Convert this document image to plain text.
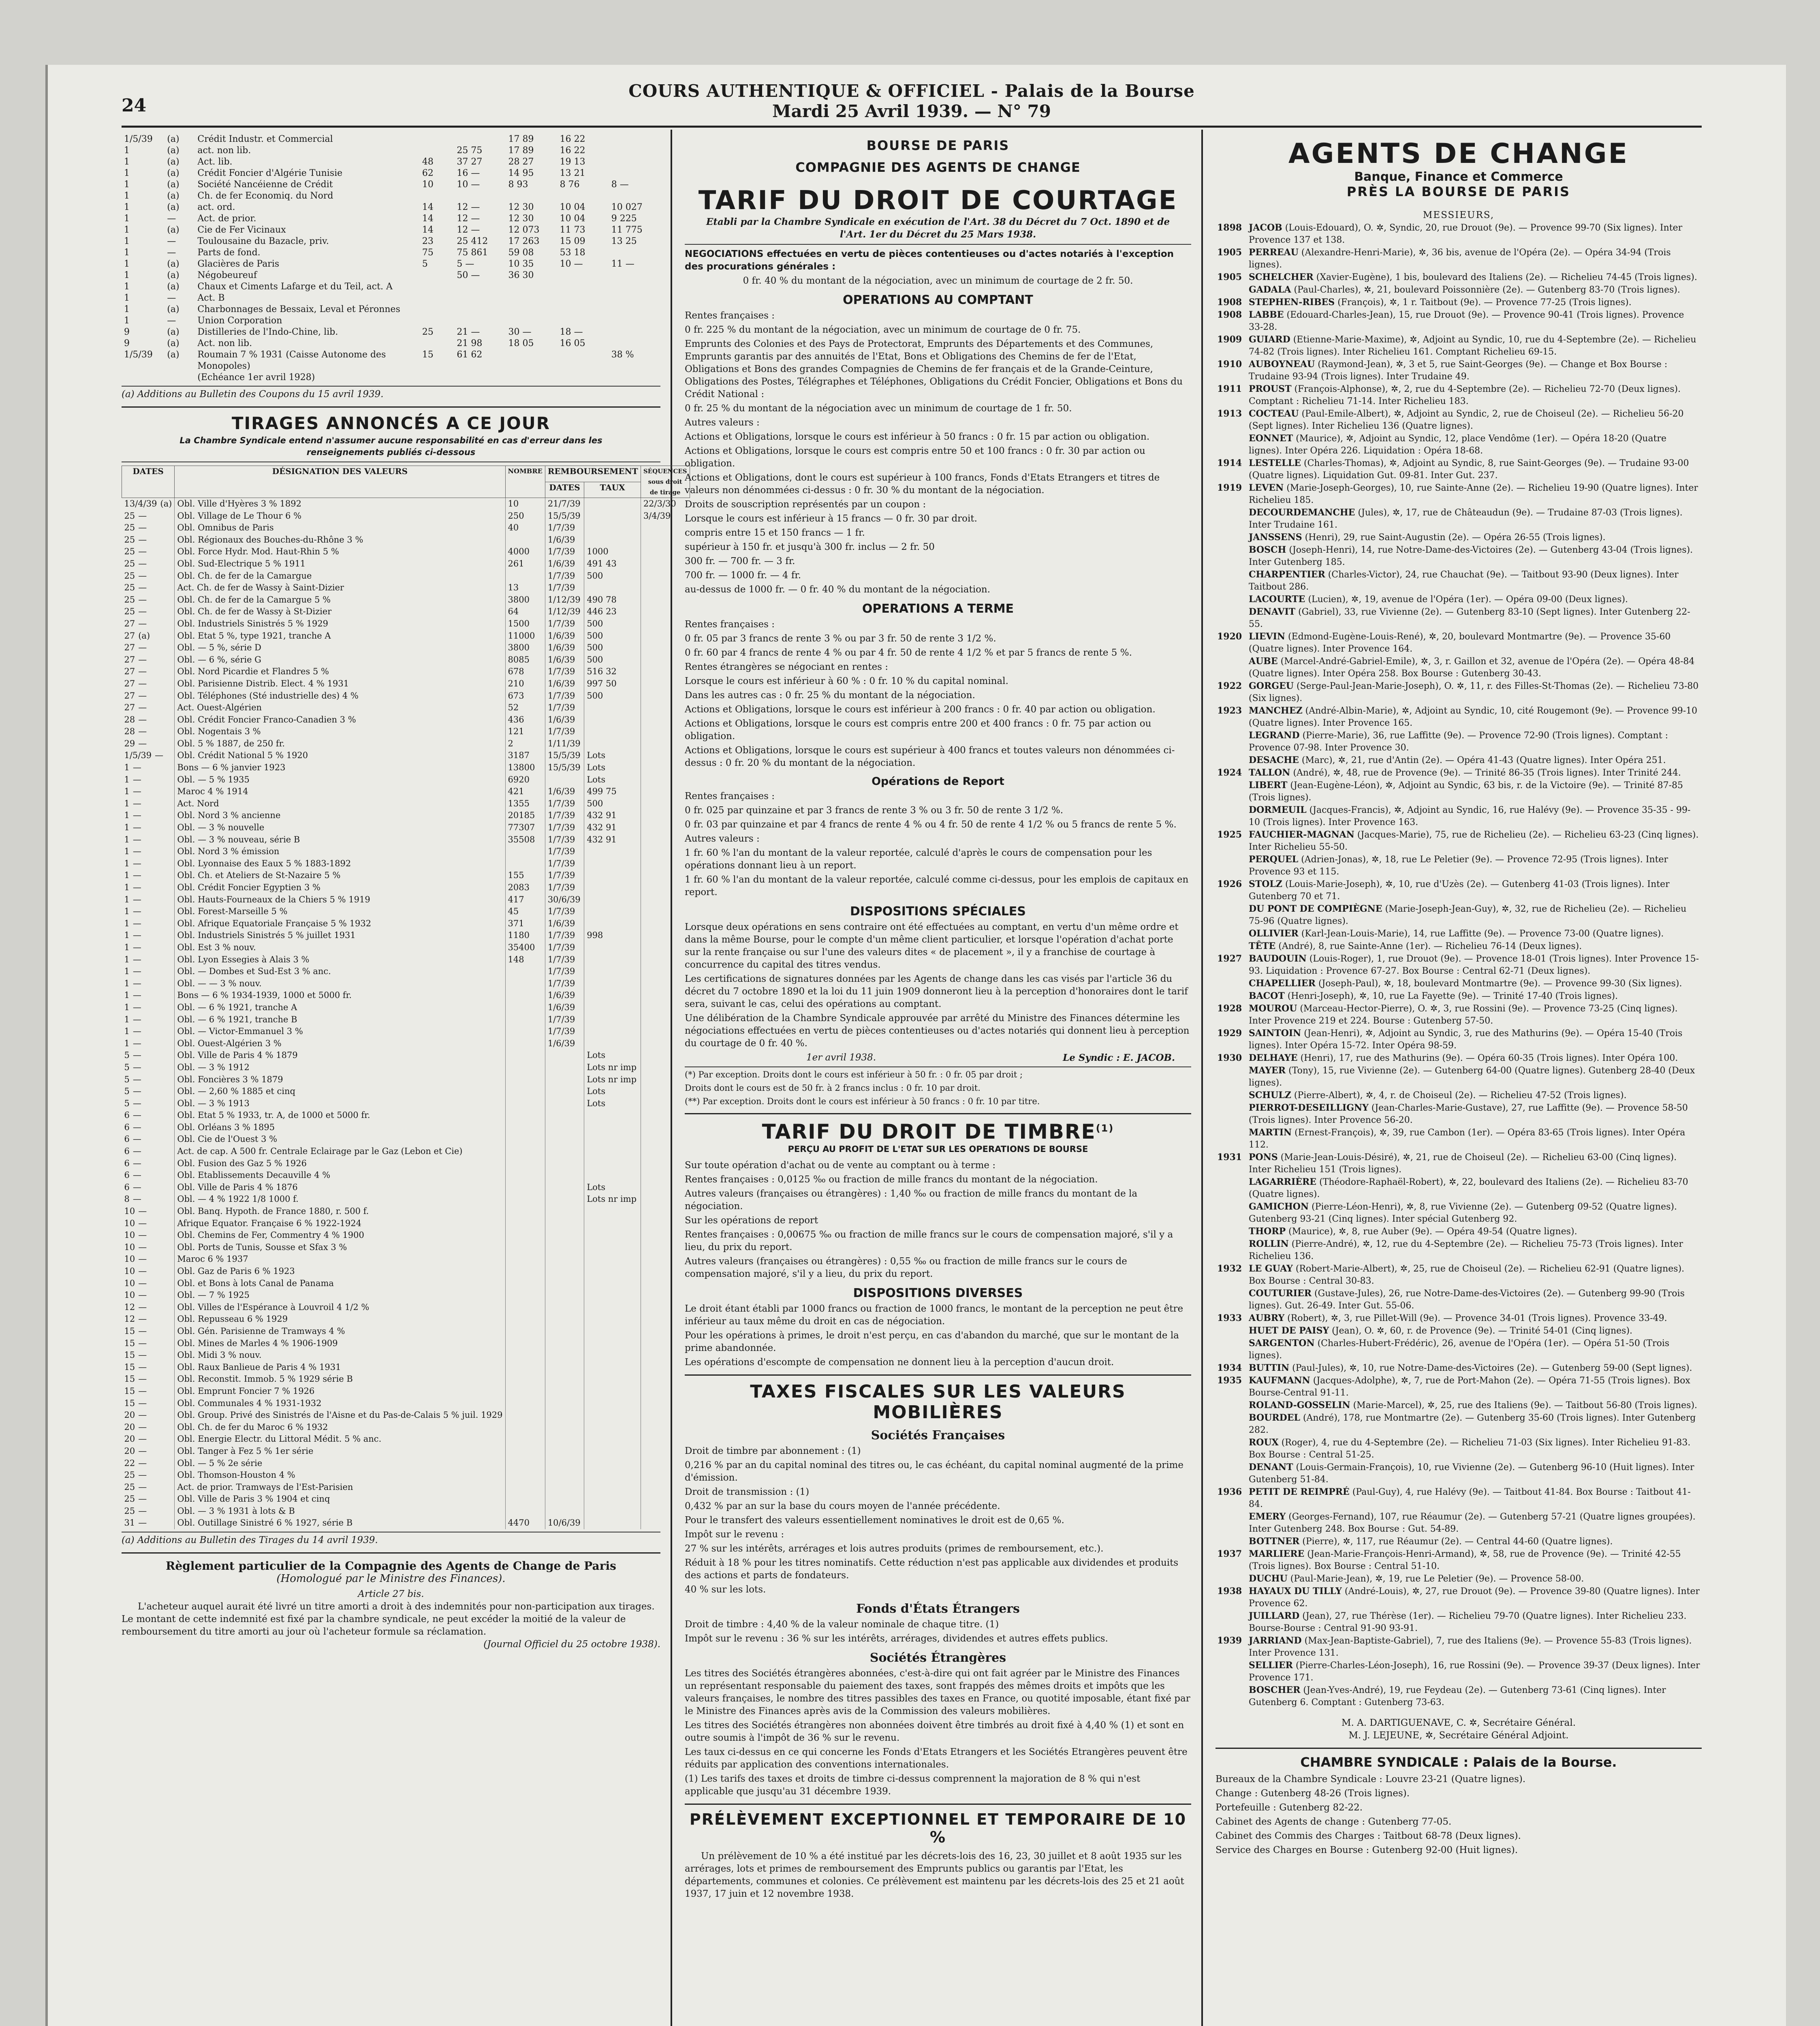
24
COURS AUTHENTIQUE & OFFICIEL - Palais de la Bourse
Mardi 25 Avril 1939. — N° 79
1/5/39	(a)	Crédit Industr. et Commercial			17 89	16 22	
1	(a)	act. non lib.		25 75	17 89	16 22	
1	(a)	Act. lib.	48	37 27	28 27	19 13	
1	(a)	Crédit Foncier d'Algérie Tunisie	62	16 —	14 95	13 21	
1	(a)	Société Nancéienne de Crédit	10	10 —	8 93	8 76	8 —
1	(a)	Ch. de fer Economiq. du Nord					
1	(a)	act. ord.	14	12 —	12 30	10 04	10 027
1	—	Act. de prior.	14	12 —	12 30	10 04	9 225
1	(a)	Cie de Fer Vicinaux	14	12 —	12 073	11 73	11 775
1	—	Toulousaine du Bazacle, priv.	23	25 412	17 263	15 09	13 25
1	—	Parts de fond.	75	75 861	59 08	53 18	
1	(a)	Glacières de Paris	5	5 —	10 35	10 —	11 —
1	(a)	Négobeureuf		50 —	36 30		
1	(a)	Chaux et Ciments Lafarge et du Teil, act. A					
1	—	Act. B					
1	(a)	Charbonnages de Bessaix, Leval et Péronnes					
1	—	Union Corporation					
9	(a)	Distilleries de l'Indo-Chine, lib.	25	21 —	30 —	18 —	
9	(a)	Act. non lib.		21 98	18 05	16 05	
1/5/39	(a)	Roumain 7 % 1931 (Caisse Autonome des Monopoles)	15	61 62			38 %
		(Echéance 1er avril 1928)					
(a) Additions au Bulletin des Coupons du 15 avril 1939.
TIRAGES ANNONCÉS A CE JOUR
La Chambre Syndicale entend n'assumer aucune responsabilité en cas d'erreur dans les renseignements publiés ci-dessous
DATES	DÉSIGNATION DES VALEURS	NOMBRE	REMBOURSEMENT		SÉQUENCES sous droit de tirage
			DATES	TAUX	
13/4/39 (a)	Obl. Ville d'Hyères 3 % 1892	10	21/7/39		22/3/30
25 —	Obl. Village de Le Thour 6 %	250	15/5/39		3/4/39
25 —	Obl. Omnibus de Paris	40	1/7/39		
25 —	Obl. Régionaux des Bouches-du-Rhône 3 %		1/6/39		
25 —	Obl. Force Hydr. Mod. Haut-Rhin 5 %	4000	1/7/39	1000	
25 —	Obl. Sud-Electrique 5 % 1911	261	1/6/39	491 43	
25 —	Obl. Ch. de fer de la Camargue		1/7/39	500	
25 —	Act. Ch. de fer de Wassy à Saint-Dizier	13	1/7/39		
25 —	Obl. Ch. de fer de la Camargue 5 %	3800	1/12/39	490 78	
25 —	Obl. Ch. de fer de Wassy à St-Dizier	64	1/12/39	446 23	
27 —	Obl. Industriels Sinistrés 5 % 1929	1500	1/7/39	500	
27 (a)	Obl. Etat 5 %, type 1921, tranche A	11000	1/6/39	500	
27 —	Obl. — 5 %, série D	3800	1/6/39	500	
27 —	Obl. — 6 %, série G	8085	1/6/39	500	
27 —	Obl. Nord Picardie et Flandres 5 %	678	1/7/39	516 32	
27 —	Obl. Parisienne Distrib. Elect. 4 % 1931	210	1/6/39	997 50	
27 —	Obl. Téléphones (Sté industrielle des) 4 %	673	1/7/39	500	
27 —	Act. Ouest-Algérien	52	1/7/39		
28 —	Obl. Crédit Foncier Franco-Canadien 3 %	436	1/6/39		
28 —	Obl. Nogentais 3 %	121	1/7/39		
29 —	Obl. 5 % 1887, de 250 fr.	2	1/11/39		
1/5/39 —	Obl. Crédit National 5 % 1920	3187	15/5/39	Lots	
1 —	Bons — 6 % janvier 1923	13800	15/5/39	Lots	
1 —	Obl. — 5 % 1935	6920		Lots	
1 —	Maroc 4 % 1914	421	1/6/39	499 75	
1 —	Act. Nord	1355	1/7/39	500	
1 —	Obl. Nord 3 % ancienne	20185	1/7/39	432 91	
1 —	Obl. — 3 % nouvelle	77307	1/7/39	432 91	
1 —	Obl. — 3 % nouveau, série B	35508	1/7/39	432 91	
1 —	Obl. Nord 3 % émission		1/7/39		
1 —	Obl. Lyonnaise des Eaux 5 % 1883-1892		1/7/39		
1 —	Obl. Ch. et Ateliers de St-Nazaire 5 %	155	1/7/39		
1 —	Obl. Crédit Foncier Egyptien 3 %	2083	1/7/39		
1 —	Obl. Hauts-Fourneaux de la Chiers 5 % 1919	417	30/6/39		
1 —	Obl. Forest-Marseille 5 %	45	1/7/39		
1 —	Obl. Afrique Equatoriale Française 5 % 1932	371	1/6/39		
1 —	Obl. Industriels Sinistrés 5 % juillet 1931	1180	1/7/39	998	
1 —	Obl. Est 3 % nouv.	35400	1/7/39		
1 —	Obl. Lyon Essegies à Alais 3 %	148	1/7/39		
1 —	Obl. — Dombes et Sud-Est 3 % anc.		1/7/39		
1 —	Obl. — — 3 % nouv.		1/7/39		
1 —	Bons — 6 % 1934-1939, 1000 et 5000 fr.		1/6/39		
1 —	Obl. — 6 % 1921, tranche A		1/6/39		
1 —	Obl. — 6 % 1921, tranche B		1/7/39		
1 —	Obl. — Victor-Emmanuel 3 %		1/7/39		
1 —	Obl. Ouest-Algérien 3 %		1/6/39		
5 —	Obl. Ville de Paris 4 % 1879			Lots	
5 —	Obl. — 3 % 1912			Lots nr imp	
5 —	Obl. Foncières 3 % 1879			Lots nr imp	
5 —	Obl. — 2,60 % 1885 et cinq			Lots	
5 —	Obl. — 3 % 1913			Lots	
6 —	Obl. Etat 5 % 1933, tr. A, de 1000 et 5000 fr.				
6 —	Obl. Orléans 3 % 1895				
6 —	Obl. Cie de l'Ouest 3 %				
6 —	Act. de cap. A 500 fr. Centrale Eclairage par le Gaz (Lebon et Cie)				
6 —	Obl. Fusion des Gaz 5 % 1926				
6 —	Obl. Etablissements Decauville 4 %				
6 —	Obl. Ville de Paris 4 % 1876			Lots	
8 —	Obl. — 4 % 1922 1/8 1000 f.			Lots nr imp	
10 —	Obl. Banq. Hypoth. de France 1880, r. 500 f.				
10 —	Afrique Equator. Française 6 % 1922-1924				
10 —	Obl. Chemins de Fer, Commentry 4 % 1900				
10 —	Obl. Ports de Tunis, Sousse et Sfax 3 %				
10 —	Maroc 6 % 1937				
10 —	Obl. Gaz de Paris 6 % 1923				
10 —	Obl. et Bons à lots Canal de Panama				
10 —	Obl. — 7 % 1925				
12 —	Obl. Villes de l'Espérance à Louvroil 4 1/2 %				
12 —	Obl. Repusseau 6 % 1929				
15 —	Obl. Gén. Parisienne de Tramways 4 %				
15 —	Obl. Mines de Marles 4 % 1906-1909				
15 —	Obl. Midi 3 % nouv.				
15 —	Obl. Raux Banlieue de Paris 4 % 1931				
15 —	Obl. Reconstit. Immob. 5 % 1929 série B				
15 —	Obl. Emprunt Foncier 7 % 1926				
15 —	Obl. Communales 4 % 1931-1932				
20 —	Obl. Group. Privé des Sinistrés de l'Aisne et du Pas-de-Calais 5 % juil. 1929				
20 —	Obl. Ch. de fer du Maroc 6 % 1932				
20 —	Obl. Energie Electr. du Littoral Médit. 5 % anc.				
20 —	Obl. Tanger à Fez 5 % 1er série				
22 —	Obl. — 5 % 2e série				
25 —	Obl. Thomson-Houston 4 %				
25 —	Act. de prior. Tramways de l'Est-Parisien				
25 —	Obl. Ville de Paris 3 % 1904 et cinq				
25 —	Obl. — 3 % 1931 à lots & B				
31 —	Obl. Outillage Sinistré 6 % 1927, série B	4470	10/6/39		
(a) Additions au Bulletin des Tirages du 14 avril 1939.
Règlement particulier de la Compagnie des Agents de Change de Paris
(Homologué par le Ministre des Finances).
Article 27 bis.
L'acheteur auquel aurait été livré un titre amorti a droit à des indemnités pour non-participation aux tirages. Le montant de cette indemnité est fixé par la chambre syndicale, ne peut excéder la moitié de la valeur de remboursement du titre amorti au jour où l'acheteur formule sa réclamation.
(Journal Officiel du 25 octobre 1938).
BOURSE DE PARIS
COMPAGNIE DES AGENTS DE CHANGE
TARIF DU DROIT DE COURTAGE
Etabli par la Chambre Syndicale en exécution de l'Art. 38 du Décret du 7 Oct. 1890 et de l'Art. 1er du Décret du 25 Mars 1938.

NEGOCIATIONS effectuées en vertu de pièces contentieuses ou d'actes notariés à l'exception des procurations générales :

0 fr. 40 % du montant de la négociation, avec un minimum de courtage de 2 fr. 50.

OPERATIONS AU COMPTANT

Rentes françaises :

0 fr. 225 % du montant de la négociation, avec un minimum de courtage de 0 fr. 75.

Emprunts des Colonies et des Pays de Protectorat, Emprunts des Départements et des Communes, Emprunts garantis par des annuités de l'Etat, Bons et Obligations des Chemins de fer de l'Etat, Obligations et Bons des grandes Compagnies de Chemins de fer français et de la Grande-Ceinture, Obligations des Postes, Télégraphes et Téléphones, Obligations du Crédit Foncier, Obligations et Bons du Crédit National :

0 fr. 25 % du montant de la négociation avec un minimum de courtage de 1 fr. 50.

Autres valeurs :

Actions et Obligations, lorsque le cours est inférieur à 50 francs : 0 fr. 15 par action ou obligation.

Actions et Obligations, lorsque le cours est compris entre 50 et 100 francs : 0 fr. 30 par action ou obligation.

Actions et Obligations, dont le cours est supérieur à 100 francs, Fonds d'Etats Etrangers et titres de valeurs non dénommées ci-dessus : 0 fr. 30 % du montant de la négociation.

Droits de souscription représentés par un coupon :

Lorsque le cours est inférieur à 15 francs — 0 fr. 30 par droit.

compris entre 15 et 150 francs — 1 fr.

supérieur à 150 fr. et jusqu'à 300 fr. inclus — 2 fr. 50

300 fr. — 700 fr. — 3 fr.

700 fr. — 1000 fr. — 4 fr.

au-dessus de 1000 fr. — 0 fr. 40 % du montant de la négociation.

OPERATIONS A TERME

Rentes françaises :

0 fr. 05 par 3 francs de rente 3 % ou par 3 fr. 50 de rente 3 1/2 %.

0 fr. 60 par 4 francs de rente 4 % ou par 4 fr. 50 de rente 4 1/2 % et par 5 francs de rente 5 %.

Rentes étrangères se négociant en rentes :

Lorsque le cours est inférieur à 60 % : 0 fr. 10 % du capital nominal.

Dans les autres cas : 0 fr. 25 % du montant de la négociation.

Actions et Obligations, lorsque le cours est inférieur à 200 francs : 0 fr. 40 par action ou obligation.

Actions et Obligations, lorsque le cours est compris entre 200 et 400 francs : 0 fr. 75 par action ou obligation.

Actions et Obligations, lorsque le cours est supérieur à 400 francs et toutes valeurs non dénommées ci-dessus : 0 fr. 20 % du montant de la négociation.

Opérations de Report

Rentes françaises :

0 fr. 025 par quinzaine et par 3 francs de rente 3 % ou 3 fr. 50 de rente 3 1/2 %.

0 fr. 03 par quinzaine et par 4 francs de rente 4 % ou 4 fr. 50 de rente 4 1/2 % ou 5 francs de rente 5 %.

Autres valeurs :

1 fr. 60 % l'an du montant de la valeur reportée, calculé d'après le cours de compensation pour les opérations donnant lieu à un report.

1 fr. 60 % l'an du montant de la valeur reportée, calculé comme ci-dessus, pour les emplois de capitaux en report.

DISPOSITIONS SPÉCIALES

Lorsque deux opérations en sens contraire ont été effectuées au comptant, en vertu d'un même ordre et dans la même Bourse, pour le compte d'un même client particulier, et lorsque l'opération d'achat porte sur la rente française ou sur l'une des valeurs dites « de placement », il y a franchise de courtage à concurrence du capital des titres vendus.

Les certifications de signatures données par les Agents de change dans les cas visés par l'article 36 du décret du 7 octobre 1890 et la loi du 11 juin 1909 donneront lieu à la perception d'honoraires dont le tarif sera, suivant le cas, celui des opérations au comptant.

Une délibération de la Chambre Syndicale approuvée par arrêté du Ministre des Finances détermine les négociations effectuées en vertu de pièces contentieuses ou d'actes notariés qui donnent lieu à perception du courtage de 0 fr. 40 %.

1er avril 1938.	Le Syndic : E. JACOB.

(*) Par exception. Droits dont le cours est inférieur à 50 fr. : 0 fr. 05 par droit ;

Droits dont le cours est de 50 fr. à 2 francs inclus : 0 fr. 10 par droit.

(**) Par exception. Droits dont le cours est inférieur à 50 francs : 0 fr. 10 par titre.

TARIF DU DROIT DE TIMBRE$^{(1)}$
PERÇU AU PROFIT DE L'ETAT SUR LES OPERATIONS DE BOURSE

Sur toute opération d'achat ou de vente au comptant ou à terme :

Rentes françaises : 0,0125 ‰ ou fraction de mille francs du montant de la négociation.

Autres valeurs (françaises ou étrangères) : 1,40 ‰ ou fraction de mille francs du montant de la négociation.

Sur les opérations de report

Rentes françaises : 0,00675 ‰ ou fraction de mille francs sur le cours de compensation majoré, s'il y a lieu, du prix du report.

Autres valeurs (françaises ou étrangères) : 0,55 ‰ ou fraction de mille francs sur le cours de compensation majoré, s'il y a lieu, du prix du report.

DISPOSITIONS DIVERSES

Le droit étant établi par 1000 francs ou fraction de 1000 francs, le montant de la perception ne peut être inférieur au taux même du droit en cas de négociation.

Pour les opérations à primes, le droit n'est perçu, en cas d'abandon du marché, que sur le montant de la prime abandonnée.

Les opérations d'escompte de compensation ne donnent lieu à la perception d'aucun droit.

TAXES FISCALES SUR LES VALEURS MOBILIÈRES
Sociétés Françaises

Droit de timbre par abonnement : (1)

0,216 % par an du capital nominal des titres ou, le cas échéant, du capital nominal augmenté de la prime d'émission.

Droit de transmission : (1)

0,432 % par an sur la base du cours moyen de l'année précédente.

Pour le transfert des valeurs essentiellement nominatives le droit est de 0,65 %.

Impôt sur le revenu :

27 % sur les intérêts, arrérages et lois autres produits (primes de remboursement, etc.).

Réduit à 18 % pour les titres nominatifs. Cette réduction n'est pas applicable aux dividendes et produits des actions et parts de fondateurs.

40 % sur les lots.

Fonds d'États Étrangers

Droit de timbre : 4,40 % de la valeur nominale de chaque titre. (1)

Impôt sur le revenu : 36 % sur les intérêts, arrérages, dividendes et autres effets publics.

Sociétés Étrangères

Les titres des Sociétés étrangères abonnées, c'est-à-dire qui ont fait agréer par le Ministre des Finances un représentant responsable du paiement des taxes, sont frappés des mêmes droits et impôts que les valeurs françaises, le nombre des titres passibles des taxes en France, ou quotité imposable, étant fixé par le Ministre des Finances après avis de la Commission des valeurs mobilières.

Les titres des Sociétés étrangères non abonnées doivent être timbrés au droit fixé à 4,40 % (1) et sont en outre soumis à l'impôt de 36 % sur le revenu.

Les taux ci-dessus en ce qui concerne les Fonds d'Etats Etrangers et les Sociétés Etrangères peuvent être réduits par application des conventions internationales.

(1) Les tarifs des taxes et droits de timbre ci-dessus comprennent la majoration de 8 % qui n'est applicable que jusqu'au 31 décembre 1939.

PRÉLÈVEMENT EXCEPTIONNEL ET TEMPORAIRE DE 10 %

Un prélèvement de 10 % a été institué par les décrets-lois des 16, 23, 30 juillet et 8 août 1935 sur les arrérages, lots et primes de remboursement des Emprunts publics ou garantis par l'Etat, les départements, communes et colonies. Ce prélèvement est maintenu par les décrets-lois des 25 et 21 août 1937, 17 juin et 12 novembre 1938.

AGENTS DE CHANGE
Banque, Finance et Commerce
PRÈS LA BOURSE DE PARIS
MESSIEURS,
1898	JACOB (Louis-Edouard), O. ✲, Syndic, 20, rue Drouot (9e). — Provence 99-70 (Six lignes). Inter Provence 137 et 138.
1905	PERREAU (Alexandre-Henri-Marie), ✲, 36 bis, avenue de l'Opéra (2e). — Opéra 34-94 (Trois lignes).
1905	SCHELCHER (Xavier-Eugène), 1 bis, boulevard des Italiens (2e). — Richelieu 74-45 (Trois lignes).
	GADALA (Paul-Charles), ✲, 21, boulevard Poissonnière (2e). — Gutenberg 83-70 (Trois lignes).
1908	STEPHEN-RIBES (François), ✲, 1 r. Taitbout (9e). — Provence 77-25 (Trois lignes).
1908	LABBE (Edouard-Charles-Jean), 15, rue Drouot (9e). — Provence 90-41 (Trois lignes). Provence 33-28.
1909	GUIARD (Etienne-Marie-Maxime), ✲, Adjoint au Syndic, 10, rue du 4-Septembre (2e). — Richelieu 74-82 (Trois lignes). Inter Richelieu 161. Comptant Richelieu 69-15.
1910	AUBOYNEAU (Raymond-Jean), ✲, 3 et 5, rue Saint-Georges (9e). — Change et Box Bourse : Trudaine 93-94 (Trois lignes). Inter Trudaine 49.
1911	PROUST (François-Alphonse), ✲, 2, rue du 4-Septembre (2e). — Richelieu 72-70 (Deux lignes). Comptant : Richelieu 71-14. Inter Richelieu 183.
1913	COCTEAU (Paul-Emile-Albert), ✲, Adjoint au Syndic, 2, rue de Choiseul (2e). — Richelieu 56-20 (Sept lignes). Inter Richelieu 136 (Quatre lignes).
	EONNET (Maurice), ✲, Adjoint au Syndic, 12, place Vendôme (1er). — Opéra 18-20 (Quatre lignes). Inter Opéra 226. Liquidation : Opéra 18-68.
1914	LESTELLE (Charles-Thomas), ✲, Adjoint au Syndic, 8, rue Saint-Georges (9e). — Trudaine 93-00 (Quatre lignes). Liquidation Gut. 09-81. Inter Gut. 237.
1919	LEVEN (Marie-Joseph-Georges), 10, rue Sainte-Anne (2e). — Richelieu 19-90 (Quatre lignes). Inter Richelieu 185.
	DECOURDEMANCHE (Jules), ✲, 17, rue de Châteaudun (9e). — Trudaine 87-03 (Trois lignes). Inter Trudaine 161.
	JANSSENS (Henri), 29, rue Saint-Augustin (2e). — Opéra 26-55 (Trois lignes).
	BOSCH (Joseph-Henri), 14, rue Notre-Dame-des-Victoires (2e). — Gutenberg 43-04 (Trois lignes). Inter Gutenberg 185.
	CHARPENTIER (Charles-Victor), 24, rue Chauchat (9e). — Taitbout 93-90 (Deux lignes). Inter Taitbout 286.
	LACOURTE (Lucien), ✲, 19, avenue de l'Opéra (1er). — Opéra 09-00 (Deux lignes).
	DENAVIT (Gabriel), 33, rue Vivienne (2e). — Gutenberg 83-10 (Sept lignes). Inter Gutenberg 22-55.
1920	LIEVIN (Edmond-Eugène-Louis-René), ✲, 20, boulevard Montmartre (9e). — Provence 35-60 (Quatre lignes). Inter Provence 164.
	AUBE (Marcel-André-Gabriel-Emile), ✲, 3, r. Gaillon et 32, avenue de l'Opéra (2e). — Opéra 48-84 (Quatre lignes). Inter Opéra 258. Box Bourse : Gutenberg 30-43.
1922	GORGEU (Serge-Paul-Jean-Marie-Joseph), O. ✲, 11, r. des Filles-St-Thomas (2e). — Richelieu 73-80 (Six lignes).
1923	MANCHEZ (André-Albin-Marie), ✲, Adjoint au Syndic, 10, cité Rougemont (9e). — Provence 99-10 (Quatre lignes). Inter Provence 165.
	LEGRAND (Pierre-Marie), 36, rue Laffitte (9e). — Provence 72-90 (Trois lignes). Comptant : Provence 07-98. Inter Provence 30.
	DESACHE (Marc), ✲, 21, rue d'Antin (2e). — Opéra 41-43 (Quatre lignes). Inter Opéra 251.
1924	TALLON (André), ✲, 48, rue de Provence (9e). — Trinité 86-35 (Trois lignes). Inter Trinité 244.
	LIBERT (Jean-Eugène-Léon), ✲, Adjoint au Syndic, 63 bis, r. de la Victoire (9e). — Trinité 87-85 (Trois lignes).
	DORMEUIL (Jacques-Francis), ✲, Adjoint au Syndic, 16, rue Halévy (9e). — Provence 35-35 - 99-10 (Trois lignes). Inter Provence 163.
1925	FAUCHIER-MAGNAN (Jacques-Marie), 75, rue de Richelieu (2e). — Richelieu 63-23 (Cinq lignes). Inter Richelieu 55-50.
	PERQUEL (Adrien-Jonas), ✲, 18, rue Le Peletier (9e). — Provence 72-95 (Trois lignes). Inter Provence 93 et 115.
1926	STOLZ (Louis-Marie-Joseph), ✲, 10, rue d'Uzès (2e). — Gutenberg 41-03 (Trois lignes). Inter Gutenberg 70 et 71.
	DU PONT DE COMPIÈGNE (Marie-Joseph-Jean-Guy), ✲, 32, rue de Richelieu (2e). — Richelieu 75-96 (Quatre lignes).
	OLLIVIER (Karl-Jean-Louis-Marie), 14, rue Laffitte (9e). — Provence 73-00 (Quatre lignes).
	TÊTE (André), 8, rue Sainte-Anne (1er). — Richelieu 76-14 (Deux lignes).
1927	BAUDOUIN (Louis-Roger), 1, rue Drouot (9e). — Provence 18-01 (Trois lignes). Inter Provence 15-93. Liquidation : Provence 67-27. Box Bourse : Central 62-71 (Deux lignes).
	CHAPELLIER (Joseph-Paul), ✲, 18, boulevard Montmartre (9e). — Provence 99-30 (Six lignes).
	BACOT (Henri-Joseph), ✲, 10, rue La Fayette (9e). — Trinité 17-40 (Trois lignes).
1928	MOUROU (Marceau-Hector-Pierre), O. ✲, 3, rue Rossini (9e). — Provence 73-25 (Cinq lignes). Inter Provence 219 et 224. Bourse : Gutenberg 57-50.
1929	SAINTOIN (Jean-Henri), ✲, Adjoint au Syndic, 3, rue des Mathurins (9e). — Opéra 15-40 (Trois lignes). Inter Opéra 15-72. Inter Opéra 98-59.
1930	DELHAYE (Henri), 17, rue des Mathurins (9e). — Opéra 60-35 (Trois lignes). Inter Opéra 100.
	MAYER (Tony), 15, rue Vivienne (2e). — Gutenberg 64-00 (Quatre lignes). Gutenberg 28-40 (Deux lignes).
	SCHULZ (Pierre-Albert), ✲, 4, r. de Choiseul (2e). — Richelieu 47-52 (Trois lignes).
	PIERROT-DESEILLIGNY (Jean-Charles-Marie-Gustave), 27, rue Laffitte (9e). — Provence 58-50 (Trois lignes). Inter Provence 56-20.
	MARTIN (Ernest-François), ✲, 39, rue Cambon (1er). — Opéra 83-65 (Trois lignes). Inter Opéra 112.
1931	PONS (Marie-Jean-Louis-Désiré), ✲, 21, rue de Choiseul (2e). — Richelieu 63-00 (Cinq lignes). Inter Richelieu 151 (Trois lignes).
	LAGARRIÈRE (Théodore-Raphaël-Robert), ✲, 22, boulevard des Italiens (2e). — Richelieu 83-70 (Quatre lignes).
	GAMICHON (Pierre-Léon-Henri), ✲, 8, rue Vivienne (2e). — Gutenberg 09-52 (Quatre lignes). Gutenberg 93-21 (Cinq lignes). Inter spécial Gutenberg 92.
	THORP (Maurice), ✲, 8, rue Auber (9e). — Opéra 49-54 (Quatre lignes).
	ROLLIN (Pierre-André), ✲, 12, rue du 4-Septembre (2e). — Richelieu 75-73 (Trois lignes). Inter Richelieu 136.
1932	LE GUAY (Robert-Marie-Albert), ✲, 25, rue de Choiseul (2e). — Richelieu 62-91 (Quatre lignes). Box Bourse : Central 30-83.
	COUTURIER (Gustave-Jules), 26, rue Notre-Dame-des-Victoires (2e). — Gutenberg 99-90 (Trois lignes). Gut. 26-49. Inter Gut. 55-06.
1933	AUBRY (Robert), ✲, 3, rue Pillet-Will (9e). — Provence 34-01 (Trois lignes). Provence 33-49.
	HUET DE PAISY (Jean), O. ✲, 60, r. de Provence (9e). — Trinité 54-01 (Cinq lignes).
	SARGENTON (Charles-Hubert-Frédéric), 26, avenue de l'Opéra (1er). — Opéra 51-50 (Trois lignes).
1934	BUTTIN (Paul-Jules), ✲, 10, rue Notre-Dame-des-Victoires (2e). — Gutenberg 59-00 (Sept lignes).
1935	KAUFMANN (Jacques-Adolphe), ✲, 7, rue de Port-Mahon (2e). — Opéra 71-55 (Trois lignes). Box Bourse-Central 91-11.
	ROLAND-GOSSELIN (Marie-Marcel), ✲, 25, rue des Italiens (9e). — Taitbout 56-80 (Trois lignes).
	BOURDEL (André), 178, rue Montmartre (2e). — Gutenberg 35-60 (Trois lignes). Inter Gutenberg 282.
	ROUX (Roger), 4, rue du 4-Septembre (2e). — Richelieu 71-03 (Six lignes). Inter Richelieu 91-83. Box Bourse : Central 51-25.
	DENANT (Louis-Germain-François), 10, rue Vivienne (2e). — Gutenberg 96-10 (Huit lignes). Inter Gutenberg 51-84.
1936	PETIT DE REIMPRÉ (Paul-Guy), 4, rue Halévy (9e). — Taitbout 41-84. Box Bourse : Taitbout 41-84.
	EMERY (Georges-Fernand), 107, rue Réaumur (2e). — Gutenberg 57-21 (Quatre lignes groupées). Inter Gutenberg 248. Box Bourse : Gut. 54-89.
	BOTTNER (Pierre), ✲, 117, rue Réaumur (2e). — Central 44-60 (Quatre lignes).
1937	MARLIERE (Jean-Marie-François-Henri-Armand), ✲, 58, rue de Provence (9e). — Trinité 42-55 (Trois lignes). Box Bourse : Central 51-10.
	DUCHU (Paul-Marie-Jean), ✲, 19, rue Le Peletier (9e). — Provence 58-00.
1938	HAYAUX DU TILLY (André-Louis), ✲, 27, rue Drouot (9e). — Provence 39-80 (Quatre lignes). Inter Provence 62.
	JUILLARD (Jean), 27, rue Thérèse (1er). — Richelieu 79-70 (Quatre lignes). Inter Richelieu 233. Bourse-Bourse : Central 91-90 93-91.
1939	JARRIAND (Max-Jean-Baptiste-Gabriel), 7, rue des Italiens (9e). — Provence 55-83 (Trois lignes). Inter Provence 131.
	SELLIER (Pierre-Charles-Léon-Joseph), 16, rue Rossini (9e). — Provence 39-37 (Deux lignes). Inter Provence 171.
	BOSCHER (Jean-Yves-André), 19, rue Feydeau (2e). — Gutenberg 73-61 (Cinq lignes). Inter Gutenberg 6. Comptant : Gutenberg 73-63.
M. A. DARTIGUENAVE, C. ✲, Secrétaire Général.
M. J. LEJEUNE, ✲, Secrétaire Général Adjoint.
CHAMBRE SYNDICALE : Palais de la Bourse.

Bureaux de la Chambre Syndicale : Louvre 23-21 (Quatre lignes).

Change : Gutenberg 48-26 (Trois lignes).

Portefeuille : Gutenberg 82-22.

Cabinet des Agents de change : Gutenberg 77-05.

Cabinet des Commis des Charges : Taitbout 68-78 (Deux lignes).

Service des Charges en Bourse : Gutenberg 92-00 (Huit lignes).
